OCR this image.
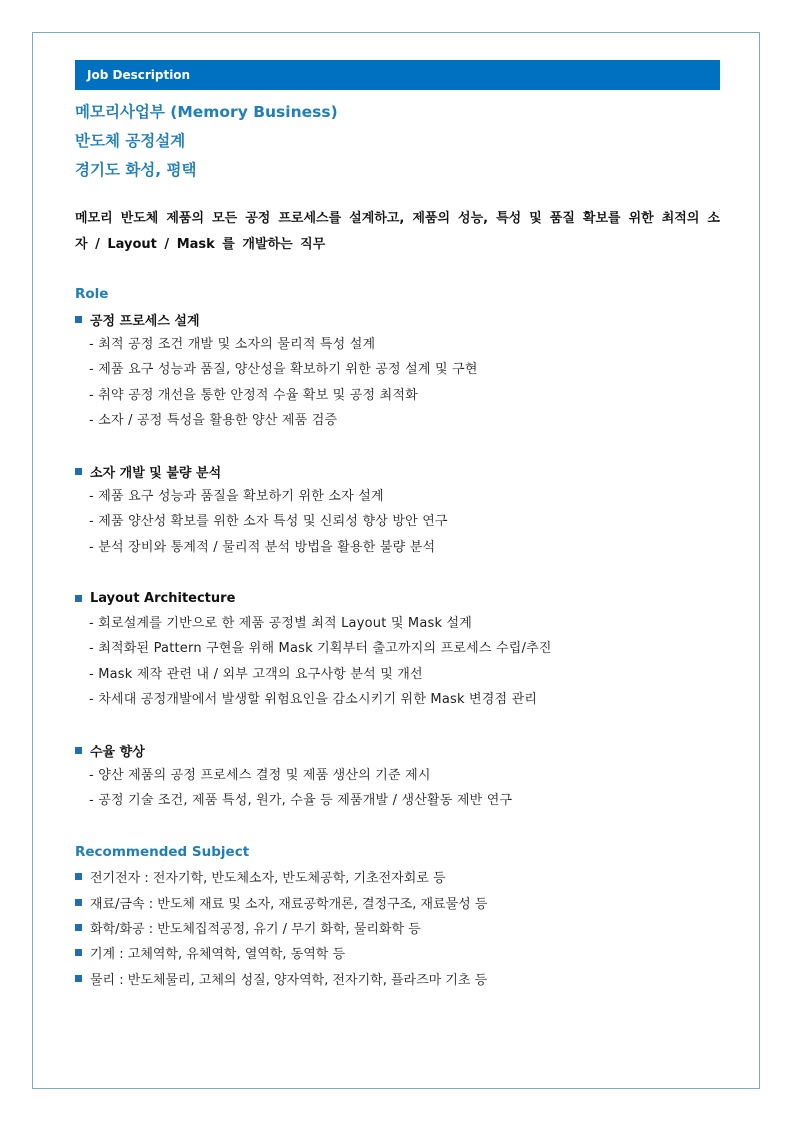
Job Description
메모리사업부 (Memory Business)
반도체 공정설계
경기도 화성, 평택
메모리 반도체 제품의 모든 공정 프로세스를 설계하고, 제품의 성능, 특성 및 품질 확보를 위한 최적의 소자 / Layout / Mask 를 개발하는 직무
Role
공정 프로세스 설계
- 최적 공정 조건 개발 및 소자의 물리적 특성 설계
- 제품 요구 성능과 품질, 양산성을 확보하기 위한 공정 설계 및 구현
- 취약 공정 개선을 통한 안정적 수율 확보 및 공정 최적화
- 소자 / 공정 특성을 활용한 양산 제품 검증
소자 개발 및 불량 분석
- 제품 요구 성능과 품질을 확보하기 위한 소자 설계
- 제품 양산성 확보를 위한 소자 특성 및 신뢰성 향상 방안 연구
- 분석 장비와 통계적 / 물리적 분석 방법을 활용한 불량 분석
Layout Architecture
- 회로설계를 기반으로 한 제품 공정별 최적 Layout 및 Mask 설계
- 최적화된 Pattern 구현을 위해 Mask 기획부터 출고까지의 프로세스 수립/추진
- Mask 제작 관련 내 / 외부 고객의 요구사항 분석 및 개선
- 차세대 공정개발에서 발생할 위험요인을 감소시키기 위한 Mask 변경점 관리
수율 향상
- 양산 제품의 공정 프로세스 결정 및 제품 생산의 기준 제시
- 공정 기술 조건, 제품 특성, 원가, 수율 등 제품개발 / 생산활동 제반 연구
Recommended Subject
전기전자 : 전자기학, 반도체소자, 반도체공학, 기초전자회로 등
재료/금속 : 반도체 재료 및 소자, 재료공학개론, 결정구조, 재료물성 등
화학/화공 : 반도체집적공정, 유기 / 무기 화학, 물리화학 등
기계 : 고체역학, 유체역학, 열역학, 동역학 등
물리 : 반도체물리, 고체의 성질, 양자역학, 전자기학, 플라즈마 기초 등
